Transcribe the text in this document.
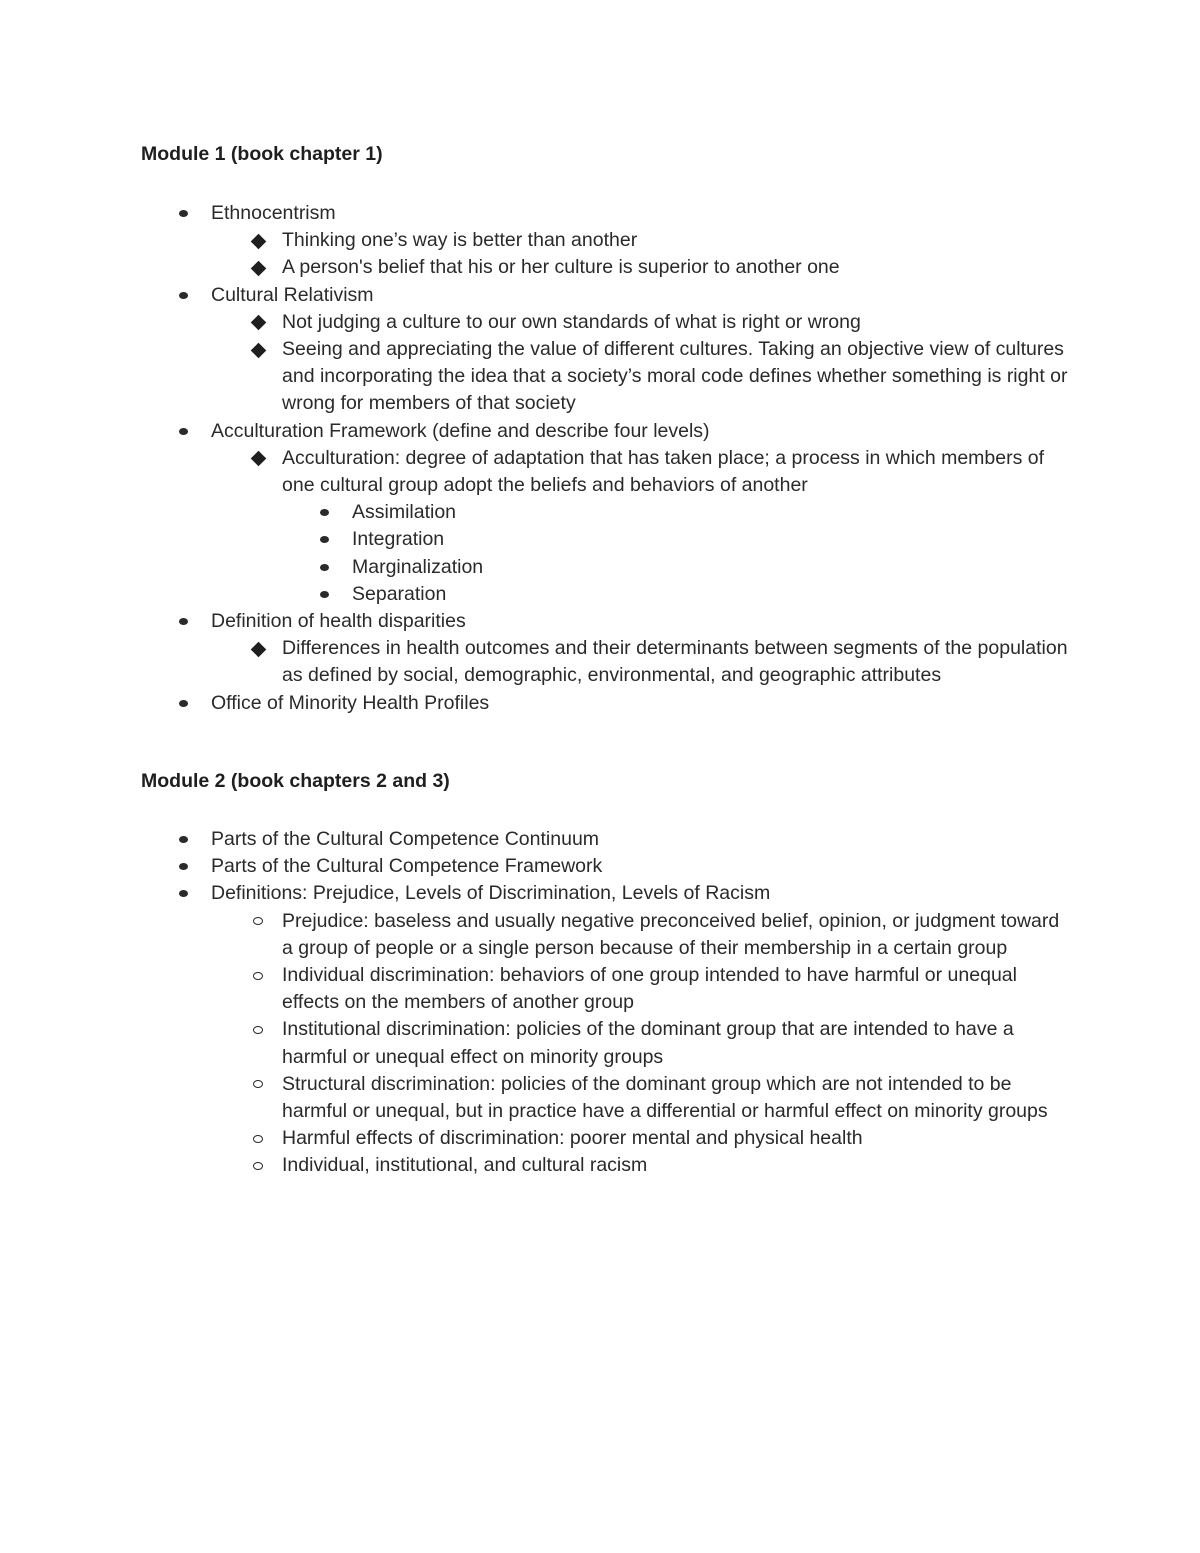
Module 1 (book chapter 1)
Ethnocentrism
Thinking one’s way is better than another
A person's belief that his or her culture is superior to another one
Cultural Relativism
Not judging a culture to our own standards of what is right or wrong
Seeing and appreciating the value of different cultures. Taking an objective view of cultures and incorporating the idea that a society’s moral code defines whether something is right or wrong for members of that society
Acculturation Framework (define and describe four levels)
Acculturation: degree of adaptation that has taken place; a process in which members of one cultural group adopt the beliefs and behaviors of another
Assimilation
Integration
Marginalization
Separation
Definition of health disparities
Differences in health outcomes and their determinants between segments of the population as defined by social, demographic, environmental, and geographic attributes
Office of Minority Health Profiles
Module 2 (book chapters 2 and 3)
Parts of the Cultural Competence Continuum
Parts of the Cultural Competence Framework
Definitions: Prejudice, Levels of Discrimination, Levels of Racism
Prejudice: baseless and usually negative preconceived belief, opinion, or judgment toward a group of people or a single person because of their membership in a certain group
Individual discrimination: behaviors of one group intended to have harmful or unequal effects on the members of another group
Institutional discrimination: policies of the dominant group that are intended to have a harmful or unequal effect on minority groups
Structural discrimination: policies of the dominant group which are not intended to be harmful or unequal, but in practice have a differential or harmful effect on minority groups
Harmful effects of discrimination: poorer mental and physical health
Individual, institutional, and cultural racism
